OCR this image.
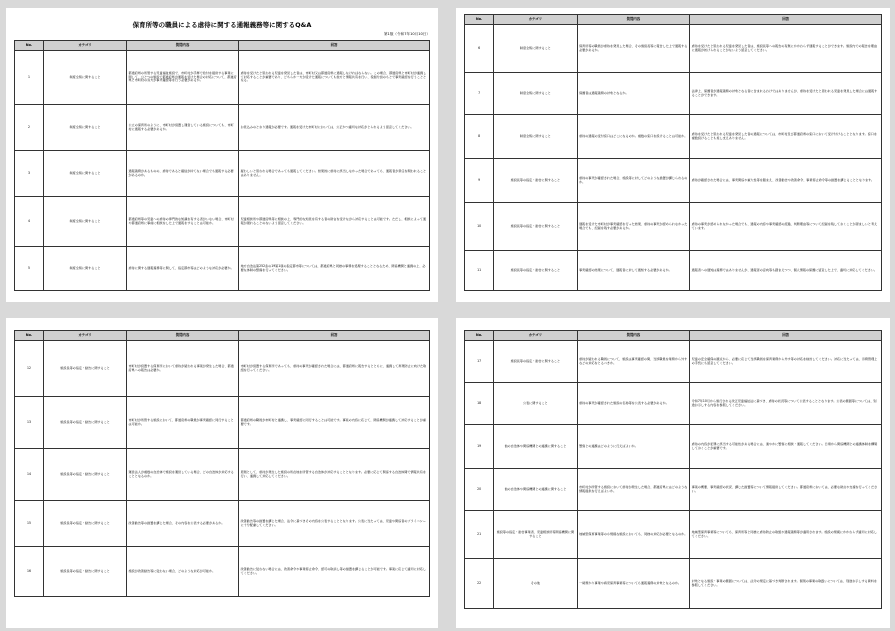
保育所等の職員による虐待に関する通報義務等に関するQ&A
第1版（令和7年10月10日）
No.	カテゴリ	質問内容	回答
1	制度全般に関すること	都道府県の所管する児童福祉施設で、市町村が手厚で給付を提供する事業に関して、ひとつの施設で都道府県が通報を受けた場合の対応について、都道府県と市町村の双方が事実確認等を行う必要があるか。	虐待を受けたと思われる児童を発見した者は、市町村又は都道府県に通報しなければならない。この場合、都道府県と市町村が連携して対応することが重要であり、どちらか一方が受けた通報についても他方と情報共有を行い、役割分担のもとで事実確認を行うこととなる。
2	制度全般に関すること	公立の保育所のように、市町村が設置し運営している施設についても、市町村に通報する必要があるか。	お見込みのとおり通報が必要です。通報を受けた市町村においては、公正かつ適切な対応がとられるよう留意してください。
3	制度全般に関すること	通報義務があるものの、虐待であると確信が持てない場合でも通報する必要があるのか。	疑わしいと思われる場合であっても通報してください。結果的に虐待に該当しなかった場合であっても、通報者が責任を問われることはありません。
4	制度全般に関すること	都道府県等の児童への虐待の専門的な知識を有する者がいない場合、市町村や都道府県に事前に相談をした上で通報をすることは可能か。	児童相談所や都道府県等に相談の上、専門的な知見を有する者の助言を受けながら対応することは可能です。ただし、相談によって通報が遅れることのないよう留意してください。
5	制度全般に関すること	虐待に関する通報義務等に関して、指定都市等はどのような対応が必要か。	地方自治法第252条の19第1項の指定都市等については、都道府県と同様の事務を処理することとなるため、関係機関と連携の上、必要な体制の整備を行ってください。
No.	カテゴリ	質問内容	回答
6	制度全般に関すること	保育所等の職員が虐待を発見した場合、その施設長等に報告した上で通報する必要があるか。	虐待を受けたと思われる児童を発見した者は、施設長等への報告の有無にかかわらず通報することができます。施設内での報告を理由に通報が妨げられることがないよう留意してください。
7	制度全般に関すること	保護者は通報義務の対象となるか。	法律上、保護者が通報義務の対象となる者に含まれるわけではありませんが、虐待を受けたと思われる児童を発見した場合には通報することができます。
8	制度全般に関すること	虐待の通報の受付窓口はどこになるのか。複数の窓口を設けることは可能か。	虐待を受けたと思われる児童を発見した者の通報については、市町村及び都道府県の窓口において受け付けることとなります。窓口を複数設けることも差し支えありません。
9	施設長等の指定・勧告に関すること	虐待の事実が確認された場合、施設等に対してどのような措置が講じられるのか。	虐待が確認された場合には、事実関係や重大性等を踏まえ、改善勧告や改善命令、事業停止命令等の措置を講じることとなります。
10	施設長等の指定・勧告に関すること	通報を受けた市町村が事実確認を行った結果、虐待の事実が認められなかった場合でも、記録を残す必要があるか。	虐待の事実が認められなかった場合でも、通報の内容や事実確認の経過、判断理由等について記録を残しておくことが望ましいと考えています。
11	施設長等の指定・勧告に関すること	事実確認の結果について、通報者に対して通知する必要があるか。	通報者への通知は義務ではありませんが、通報者の意向等も踏まえつつ、個人情報の保護に留意した上で、適切に対応してください。
No.	カテゴリ	質問内容	回答
12	施設長等の指定・勧告に関すること	市町村が設置する保育所において虐待が疑われる事案が発生した場合、都道府県への報告は必要か。	市町村が設置する保育所であっても、虐待の事実が確認された場合には、都道府県に報告するとともに、連携して再発防止に向けた取組を行ってください。
13	施設長等の指定・勧告に関すること	市町村が所管する施設において、都道府県の職員が事実確認に同行することは可能か。	都道府県の職員が市町村と連携し、事実確認に同行することは可能です。事案の内容に応じて、関係機関が連携して対応することが重要です。
14	施設長等の指定・勧告に関すること	運営法人が複数の自治体で施設を運営している場合、どの自治体が対応することとなるのか。	原則として、虐待が発生した施設の所在地を所管する自治体が対応することとなります。必要に応じて関係する自治体間で情報共有を行い、連携して対応してください。
15	施設長等の指定・勧告に関すること	改善勧告等の措置を講じた場合、その内容を公表する必要があるか。	改善勧告等の措置を講じた場合、法令に基づきその内容を公表することとなります。公表に当たっては、児童や関係者のプライバシーに十分配慮してください。
16	施設長等の指定・勧告に関すること	施設が改善勧告等に従わない場合、どのような対応が可能か。	改善勧告に従わない場合には、改善命令や事業停止命令、認可の取消し等の措置を講じることが可能です。事案に応じて適切に対応してください。
No.	カテゴリ	質問内容	回答
17	施設長等の指定・勧告に関すること	虐待が疑われる職員について、施設は事実確認の間、当該職員を業務から外すなどの対応をとるべきか。	児童の安全確保の観点から、必要に応じて当該職員を保育業務から外す等の対応を検討してください。対応に当たっては、労務管理上の手続にも留意してください。
18	公表に関すること	虐待の事実が確認された施設の名称等を公表する必要があるか。	令和7年10月から施行される改正児童福祉法に基づき、虐待の状況等について公表することとなります。公表の範囲等については、別途お示しする内容を参照してください。
19	他の自治体や関係機関との連携に関すること	警察との連携はどのように行えばよいか。	虐待の内容が犯罪に該当する可能性がある場合には、速やかに警察に相談・通報してください。日頃から関係機関との連携体制を構築しておくことが重要です。
20	他の自治体や関係機関との連携に関すること	市町村が所管する施設において虐待が発生した場合、都道府県にはどのような情報提供を行えばよいか。	事案の概要、事実確認の状況、講じた措置等について情報提供してください。都道府県においては、必要な助言や支援を行ってください。
21	施設等の指定・勧告事業者、児童相談所等関係機関に関すること	地域型保育事業等の小規模な施設においても、同様の対応が必要となるのか。	地域型保育事業等についても、保育所等と同様に虐待防止の取組や通報義務等が適用されます。施設の規模にかかわらず適切に対応してください。
22	その他	一時預かり事業や病児保育事業等についても通報義務の対象となるのか。	対象となる施設・事業の範囲については、法令の規定に基づき判断されます。個別の事業の取扱いについては、別途お示しする資料を参照してください。
